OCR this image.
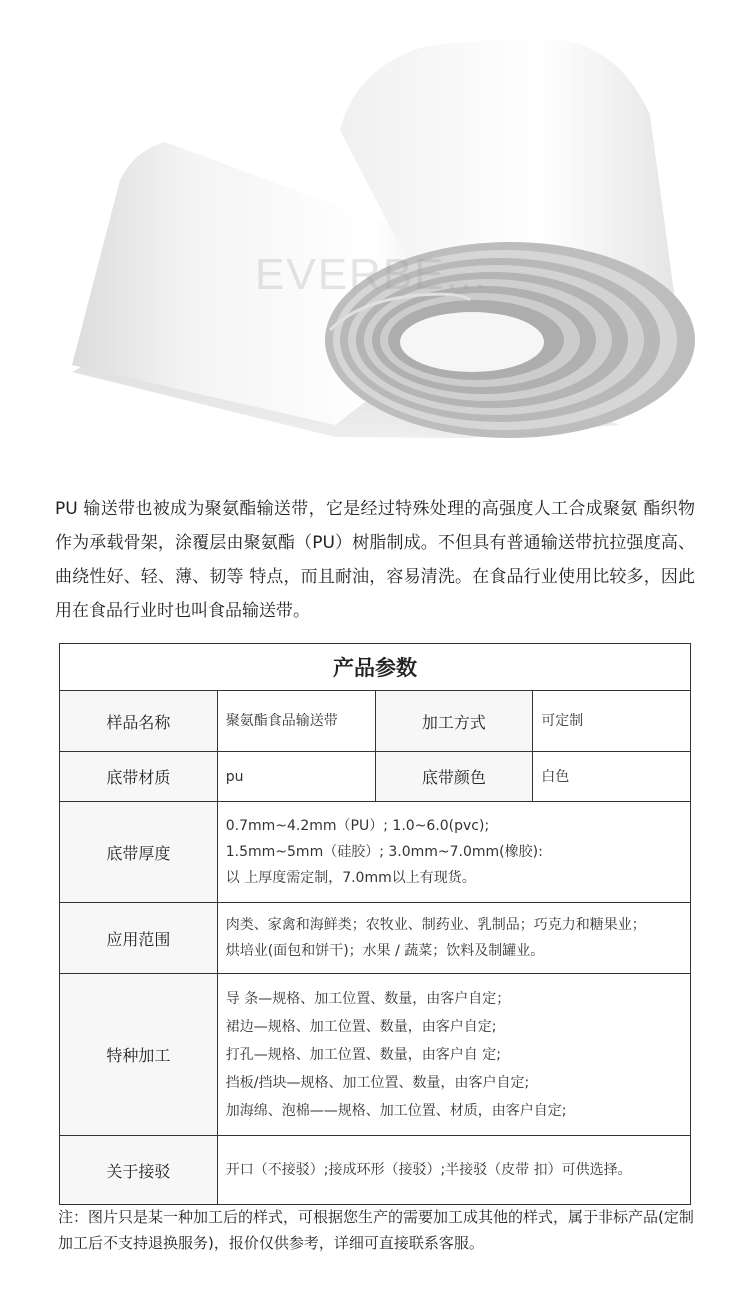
EVERBE...

PU 输送带也被成为聚氨酯输送带，它是经过特殊处理的高强度人工合成聚氨 酯织物作为承载骨架，涂覆层由聚氨酯（PU）树脂制成。不但具有普通输送带抗拉强度高、曲绕性好、轻、薄、韧等 特点，而且耐油，容易清洗。在食品行业使用比较多，因此用在食品行业时也叫食品输送带。

产品参数			
样品名称	聚氨酯食品输送带	加工方式	可定制
底带材质	pu	底带颜色	白色
底带厚度	0.7mm~4.2mm（PU）; 1.0~6.0(pvc);
1.5mm~5mm（硅胶）; 3.0mm~7.0mm(橡胶):
以 上厚度需定制，7.0mm以上有现货。		

应用范围	肉类、家禽和海鲜类；农牧业、制药业、乳制品；巧克力和糖果业；
烘培业(面包和饼干)；水果 / 蔬菜；饮料及制罐业。		

特种加工	导 条—规格、加工位置、数量，由客户自定；
裙边—规格、加工位置、数量，由客户自定;
打孔—规格、加工位置、数量，由客户自 定;
挡板/挡块—规格、加工位置、数量，由客户自定;
加海绵、泡棉——规格、加工位置、材质，由客户自定;		

关于接驳	开口（不接驳）;接成环形（接驳）;半接驳（皮带 扣）可供选择。		

注：图片只是某一种加工后的样式，可根据您生产的需要加工成其他的样式，属于非标产品(定制加工后不支持退换服务)，报价仅供参考，详细可直接联系客服。
